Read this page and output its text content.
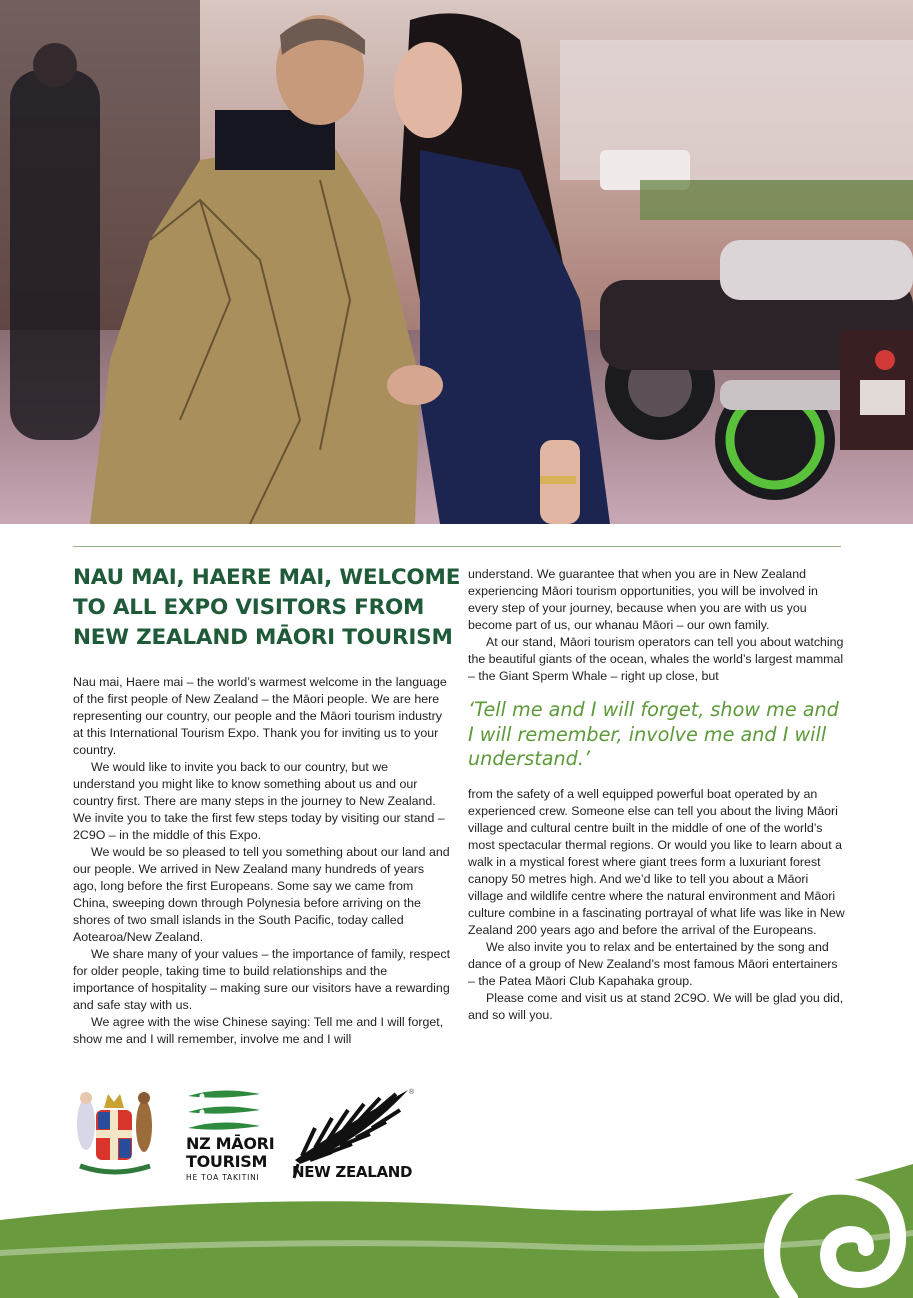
NAU MAI, HAERE MAI, WELCOME TO ALL EXPO VISITORS FROM NEW ZEALAND MĀORI TOURISM

Nau mai, Haere mai – the world’s warmest welcome in the language of the first people of New Zealand – the Māori people. We are here representing our country, our people and the Māori tourism industry at this International Tourism Expo. Thank you for inviting us to your country.

We would like to invite you back to our country, but we understand you might like to know something about us and our country first. There are many steps in the journey to New Zealand. We invite you to take the first few steps today by visiting our stand – 2C9O – in the middle of this Expo.

We would be so pleased to tell you something about our land and our people. We arrived in New Zealand many hundreds of years ago, long before the first Europeans. Some say we came from China, sweeping down through Polynesia before arriving on the shores of two small islands in the South Pacific, today called Aotearoa/New Zealand.

We share many of your values – the importance of family, respect for older people, taking time to build relationships and the importance of hospitality – making sure our visitors have a rewarding and safe stay with us.

We agree with the wise Chinese saying: Tell me and I will forget, show me and I will remember, involve me and I will

understand. We guarantee that when you are in New Zealand experiencing Māori tourism opportunities, you will be involved in every step of your journey, because when you are with us you become part of us, our whanau Māori – our own family.

At our stand, Māori tourism operators can tell you about watching the beautiful giants of the ocean, whales the world’s largest mammal – the Giant Sperm Whale – right up close, but

‘Tell me and I will forget, show me and I will remember, involve me and I will understand.’

from the safety of a well equipped powerful boat operated by an experienced crew. Someone else can tell you about the living Māori village and cultural centre built in the middle of one of the world’s most spectacular thermal regions. Or would you like to learn about a walk in a mystical forest where giant trees form a luxuriant forest canopy 50 metres high. And we’d like to tell you about a Māori village and wildlife centre where the natural environment and Māori culture combine in a fascinating portrayal of what life was like in New Zealand 200 years ago and before the arrival of the Europeans.

We also invite you to relax and be entertained by the song and dance of a group of New Zealand’s most famous Māori entertainers – the Patea Māori Club Kapahaka group.

Please come and visit us at stand 2C9O. We will be glad you did, and so will you.

NZ MĀORI
TOURISM
HE TOA TAKITINI	NEW ZEALAND
®
